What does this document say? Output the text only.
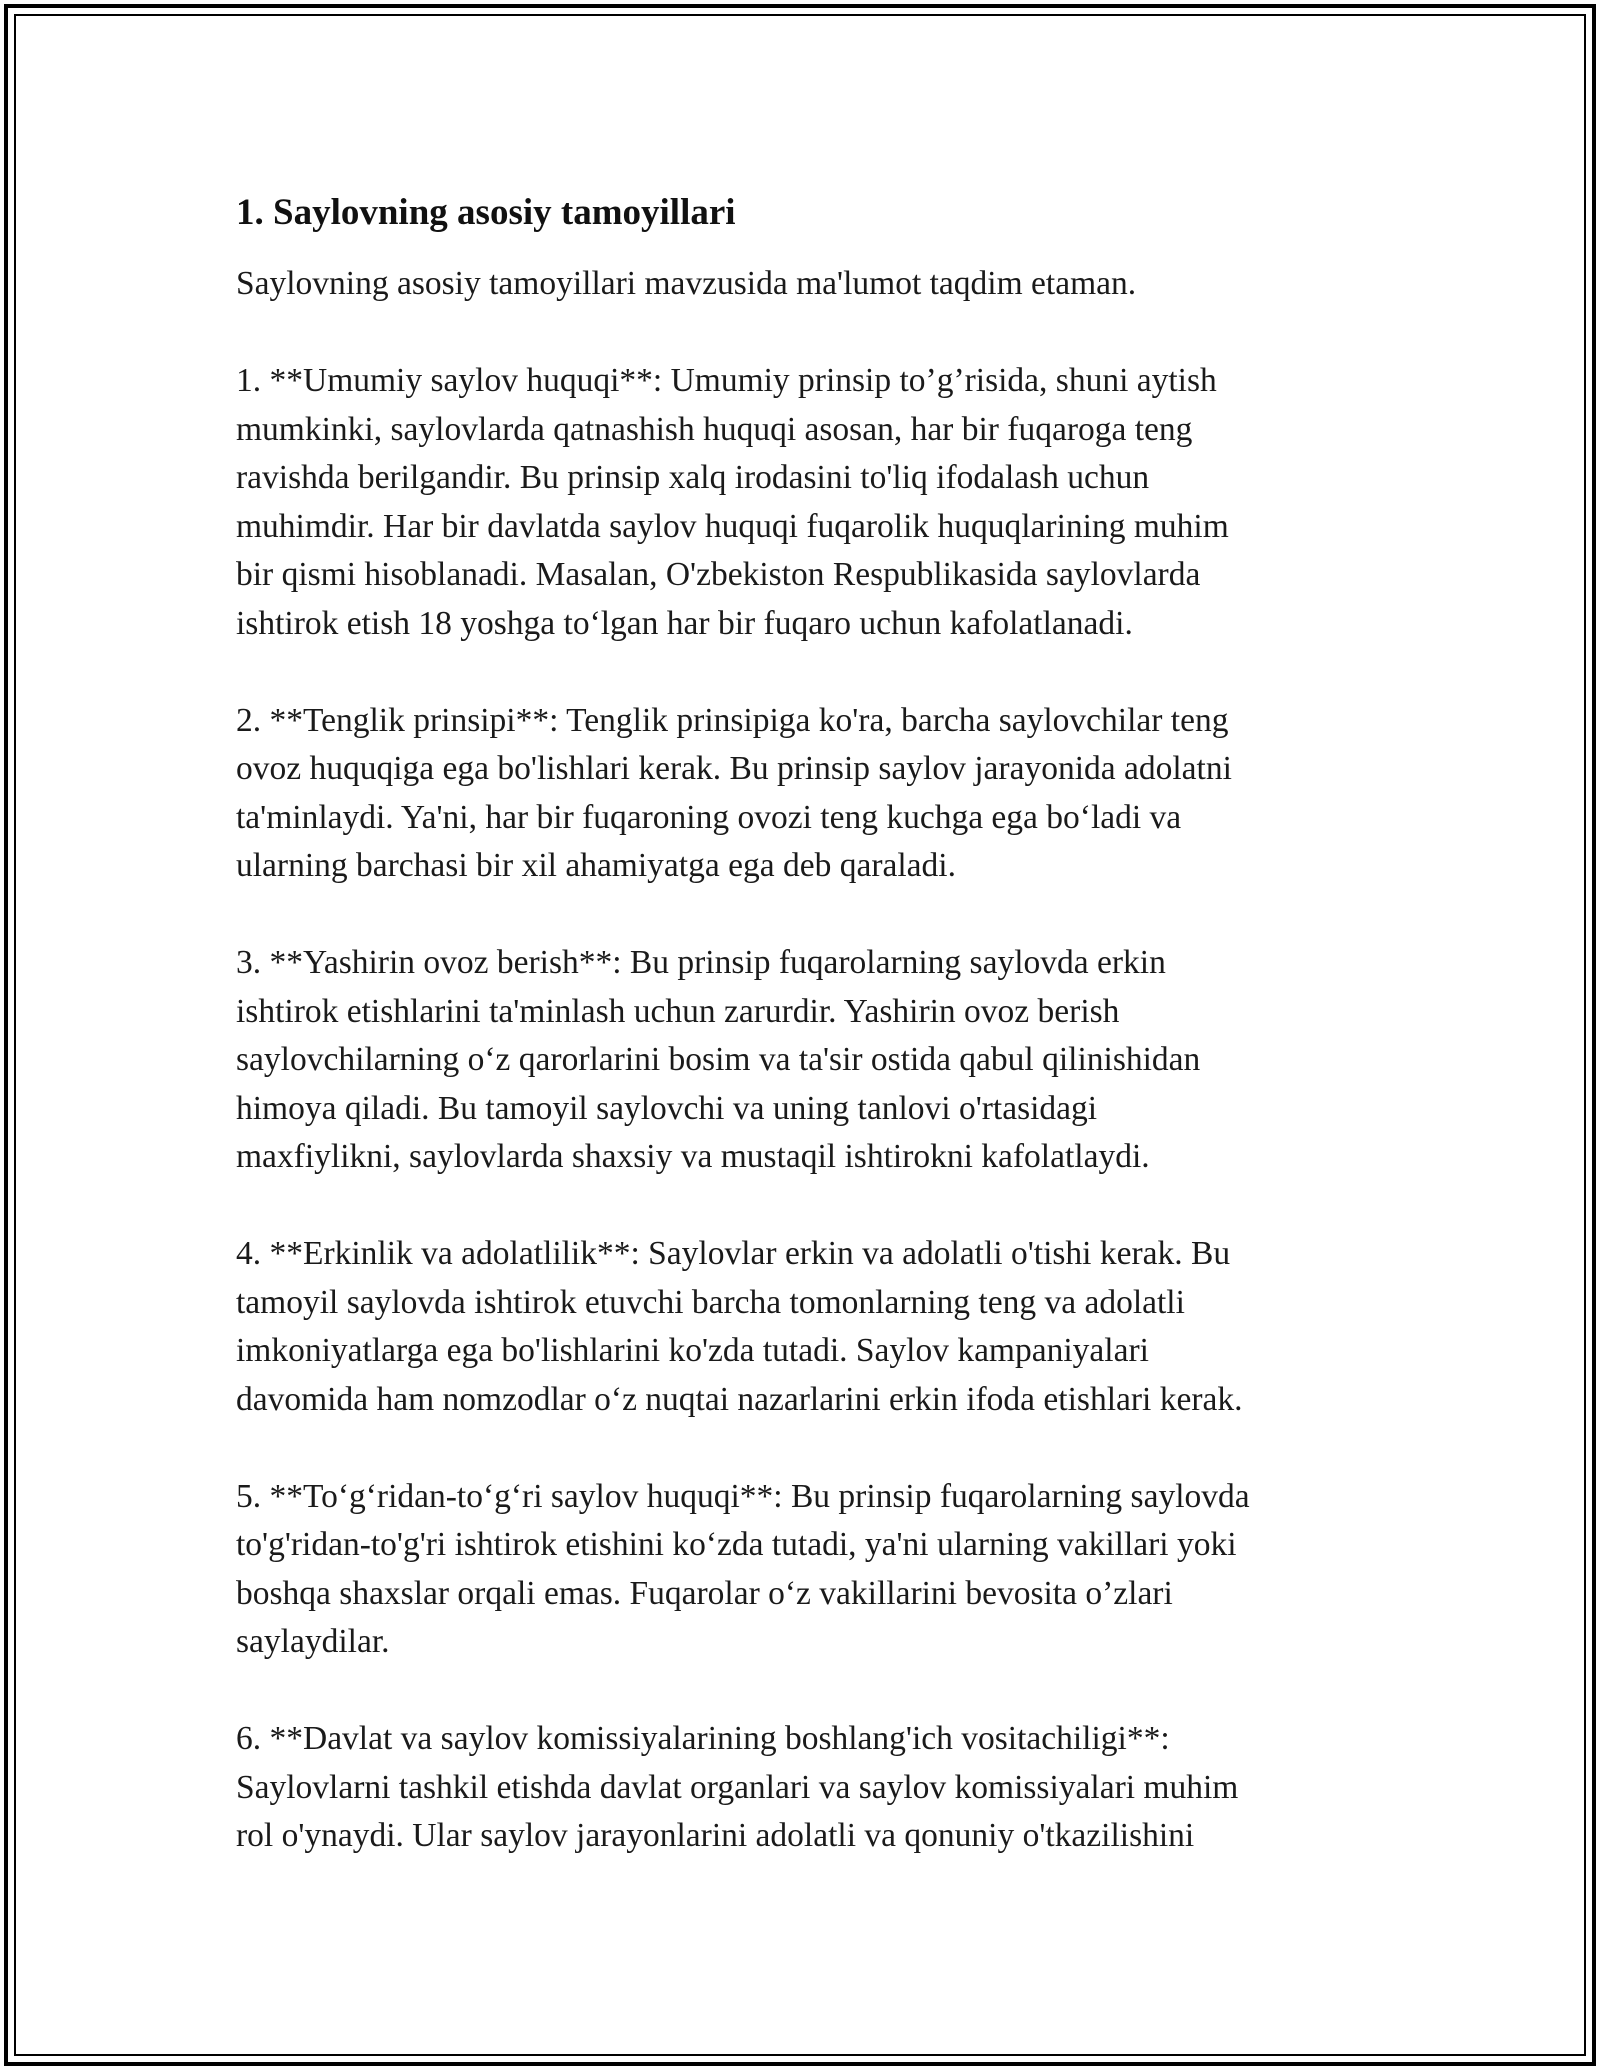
1. Saylovning asosiy tamoyillari
Saylovning asosiy tamoyillari mavzusida ma'lumot taqdim etaman.
1. **Umumiy saylov huquqi**: Umumiy prinsip to’g’risida, shuni aytish
mumkinki, saylovlarda qatnashish huquqi asosan, har bir fuqaroga teng
ravishda berilgandir. Bu prinsip xalq irodasini to'liq ifodalash uchun
muhimdir. Har bir davlatda saylov huquqi fuqarolik huquqlarining muhim
bir qismi hisoblanadi. Masalan, O'zbekiston Respublikasida saylovlarda
ishtirok etish 18 yoshga to‘lgan har bir fuqaro uchun kafolatlanadi.
2. **Tenglik prinsipi**: Tenglik prinsipiga ko'ra, barcha saylovchilar teng
ovoz huquqiga ega bo'lishlari kerak. Bu prinsip saylov jarayonida adolatni
ta'minlaydi. Ya'ni, har bir fuqaroning ovozi teng kuchga ega bo‘ladi va
ularning barchasi bir xil ahamiyatga ega deb qaraladi.
3. **Yashirin ovoz berish**: Bu prinsip fuqarolarning saylovda erkin
ishtirok etishlarini ta'minlash uchun zarurdir. Yashirin ovoz berish
saylovchilarning o‘z qarorlarini bosim va ta'sir ostida qabul qilinishidan
himoya qiladi. Bu tamoyil saylovchi va uning tanlovi o'rtasidagi
maxfiylikni, saylovlarda shaxsiy va mustaqil ishtirokni kafolatlaydi.
4. **Erkinlik va adolatlilik**: Saylovlar erkin va adolatli o'tishi kerak. Bu
tamoyil saylovda ishtirok etuvchi barcha tomonlarning teng va adolatli
imkoniyatlarga ega bo'lishlarini ko'zda tutadi. Saylov kampaniyalari
davomida ham nomzodlar o‘z nuqtai nazarlarini erkin ifoda etishlari kerak.
5. **To‘g‘ridan-to‘g‘ri saylov huquqi**: Bu prinsip fuqarolarning saylovda
to'g'ridan-to'g'ri ishtirok etishini ko‘zda tutadi, ya'ni ularning vakillari yoki
boshqa shaxslar orqali emas. Fuqarolar o‘z vakillarini bevosita o’zlari
saylaydilar.
6. **Davlat va saylov komissiyalarining boshlang'ich vositachiligi**:
Saylovlarni tashkil etishda davlat organlari va saylov komissiyalari muhim
rol o'ynaydi. Ular saylov jarayonlarini adolatli va qonuniy o'tkazilishini
